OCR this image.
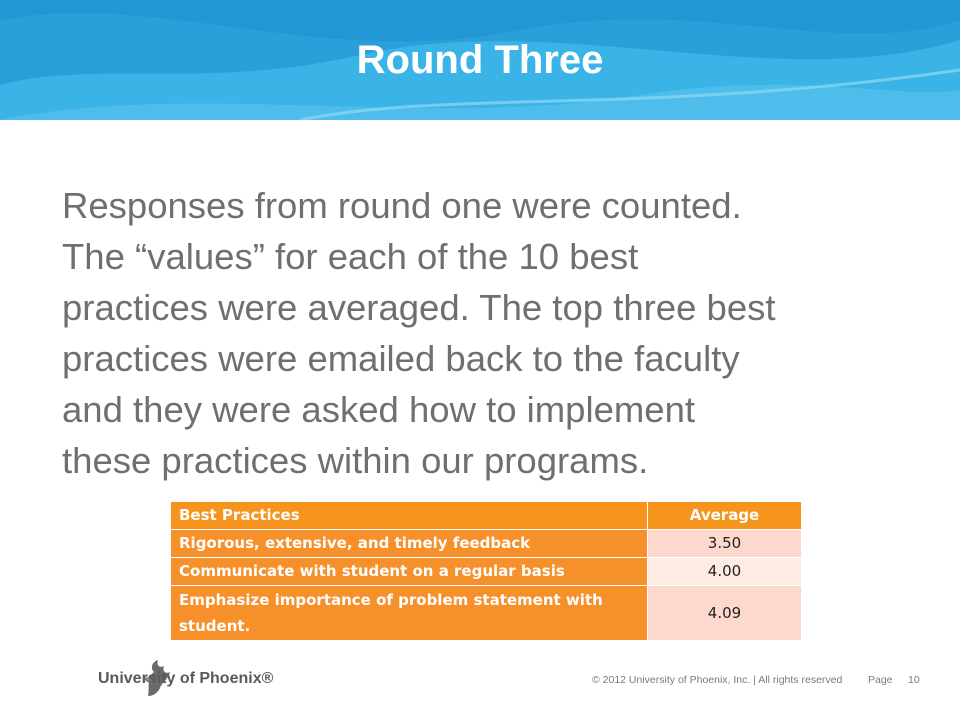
Round Three
Responses from round one were counted.
The “values” for each of the 10 best
practices were averaged. The top three best
practices were emailed back to the faculty
and they were asked how to implement
these practices within our programs.
Best Practices	Average
Rigorous, extensive, and timely feedback	3.50
Communicate with student on a regular basis	4.00
Emphasize importance of problem statement with student.	4.09
University of Phoenix®	© 2012 University of Phoenix, Inc. | All rights reserved Page 10
